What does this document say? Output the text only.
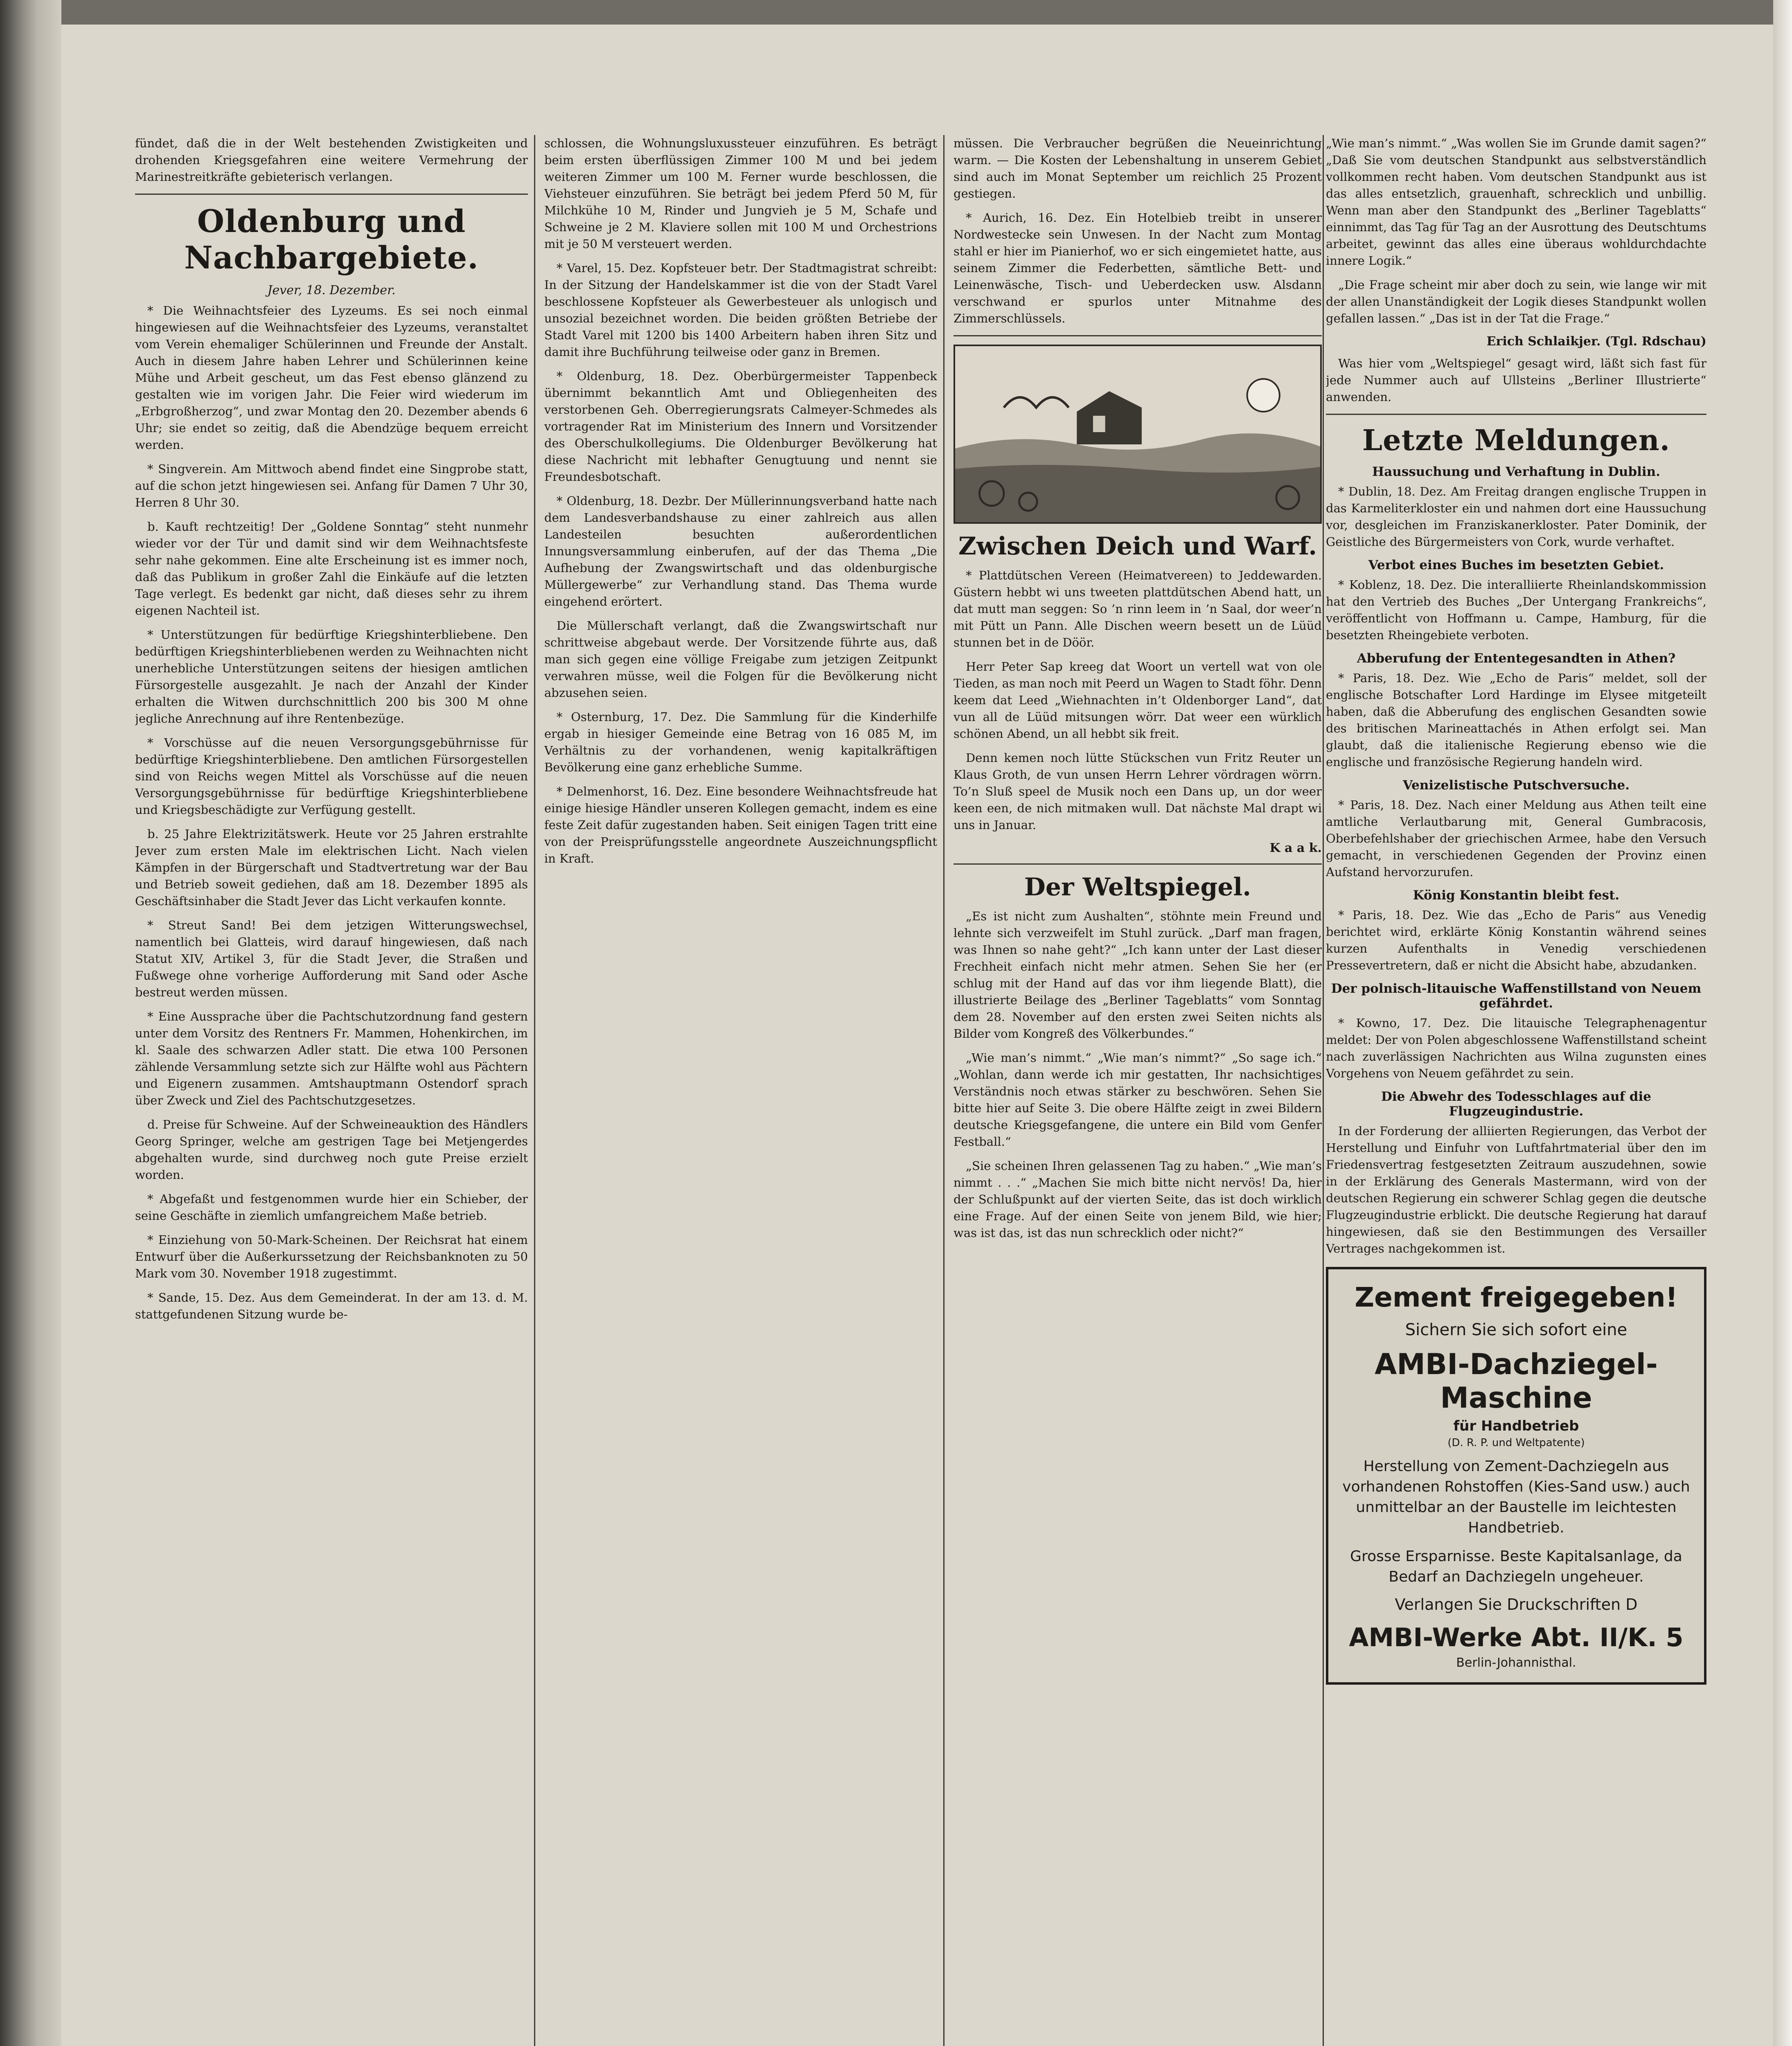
fündet, daß die in der Welt bestehenden Zwistigkeiten und drohenden Kriegsgefahren eine weitere Vermehrung der Marinestreitkräfte gebieterisch verlangen.

Oldenburg und Nachbargebiete.
Jever, 18. Dezember.

* Die Weihnachtsfeier des Lyzeums. Es sei noch einmal hingewiesen auf die Weihnachtsfeier des Lyzeums, veranstaltet vom Verein ehemaliger Schülerinnen und Freunde der Anstalt. Auch in diesem Jahre haben Lehrer und Schülerinnen keine Mühe und Arbeit gescheut, um das Fest ebenso glänzend zu gestalten wie im vorigen Jahr. Die Feier wird wiederum im „Erbgroßherzog“, und zwar Montag den 20. Dezember abends 6 Uhr; sie endet so zeitig, daß die Abendzüge bequem erreicht werden.

* Singverein. Am Mittwoch abend findet eine Singprobe statt, auf die schon jetzt hingewiesen sei. Anfang für Damen 7 Uhr 30, Herren 8 Uhr 30.

b. Kauft rechtzeitig! Der „Goldene Sonntag“ steht nunmehr wieder vor der Tür und damit sind wir dem Weihnachtsfeste sehr nahe gekommen. Eine alte Erscheinung ist es immer noch, daß das Publikum in großer Zahl die Einkäufe auf die letzten Tage verlegt. Es bedenkt gar nicht, daß dieses sehr zu ihrem eigenen Nachteil ist.

* Unterstützungen für bedürftige Kriegshinterbliebene. Den bedürftigen Kriegshinterbliebenen werden zu Weihnachten nicht unerhebliche Unterstützungen seitens der hiesigen amtlichen Fürsorgestelle ausgezahlt. Je nach der Anzahl der Kinder erhalten die Witwen durchschnittlich 200 bis 300 M ohne jegliche Anrechnung auf ihre Rentenbezüge.

* Vorschüsse auf die neuen Versorgungsgebührnisse für bedürftige Kriegshinterbliebene. Den amtlichen Fürsorgestellen sind von Reichs wegen Mittel als Vorschüsse auf die neuen Versorgungsgebührnisse für bedürftige Kriegshinterbliebene und Kriegsbeschädigte zur Verfügung gestellt.

b. 25 Jahre Elektrizitätswerk. Heute vor 25 Jahren erstrahlte Jever zum ersten Male im elektrischen Licht. Nach vielen Kämpfen in der Bürgerschaft und Stadtvertretung war der Bau und Betrieb soweit gediehen, daß am 18. Dezember 1895 als Geschäftsinhaber die Stadt Jever das Licht verkaufen konnte.

* Streut Sand! Bei dem jetzigen Witterungswechsel, namentlich bei Glatteis, wird darauf hingewiesen, daß nach Statut XIV, Artikel 3, für die Stadt Jever, die Straßen und Fußwege ohne vorherige Aufforderung mit Sand oder Asche bestreut werden müssen.

* Eine Aussprache über die Pachtschutzordnung fand gestern unter dem Vorsitz des Rentners Fr. Mammen, Hohenkirchen, im kl. Saale des schwarzen Adler statt. Die etwa 100 Personen zählende Versammlung setzte sich zur Hälfte wohl aus Pächtern und Eigenern zusammen. Amtshauptmann Ostendorf sprach über Zweck und Ziel des Pachtschutzgesetzes.

d. Preise für Schweine. Auf der Schweineauktion des Händlers Georg Springer, welche am gestrigen Tage bei Metjengerdes abgehalten wurde, sind durchweg noch gute Preise erzielt worden.

* Abgefaßt und festgenommen wurde hier ein Schieber, der seine Geschäfte in ziemlich umfangreichem Maße betrieb.

* Einziehung von 50-Mark-Scheinen. Der Reichsrat hat einem Entwurf über die Außerkurssetzung der Reichsbanknoten zu 50 Mark vom 30. November 1918 zugestimmt.

* Sande, 15. Dez. Aus dem Gemeinderat. In der am 13. d. M. stattgefundenen Sitzung wurde be-

schlossen, die Wohnungsluxussteuer einzuführen. Es beträgt beim ersten überflüssigen Zimmer 100 M und bei jedem weiteren Zimmer um 100 M. Ferner wurde beschlossen, die Viehsteuer einzuführen. Sie beträgt bei jedem Pferd 50 M, für Milchkühe 10 M, Rinder und Jungvieh je 5 M, Schafe und Schweine je 2 M. Klaviere sollen mit 100 M und Orchestrions mit je 50 M versteuert werden.

* Varel, 15. Dez. Kopfsteuer betr. Der Stadtmagistrat schreibt: In der Sitzung der Handelskammer ist die von der Stadt Varel beschlossene Kopfsteuer als Gewerbesteuer als unlogisch und unsozial bezeichnet worden. Die beiden größten Betriebe der Stadt Varel mit 1200 bis 1400 Arbeitern haben ihren Sitz und damit ihre Buchführung teilweise oder ganz in Bremen.

* Oldenburg, 18. Dez. Oberbürgermeister Tappenbeck übernimmt bekanntlich Amt und Obliegenheiten des verstorbenen Geh. Oberregierungsrats Calmeyer-Schmedes als vortragender Rat im Ministerium des Innern und Vorsitzender des Oberschulkollegiums. Die Oldenburger Bevölkerung hat diese Nachricht mit lebhafter Genugtuung und nennt sie Freundesbotschaft.

* Oldenburg, 18. Dezbr. Der Müllerinnungsverband hatte nach dem Landesverbandshause zu einer zahlreich aus allen Landesteilen besuchten außerordentlichen Innungsversammlung einberufen, auf der das Thema „Die Aufhebung der Zwangswirtschaft und das oldenburgische Müllergewerbe“ zur Verhandlung stand. Das Thema wurde eingehend erörtert.

Die Müllerschaft verlangt, daß die Zwangswirtschaft nur schrittweise abgebaut werde. Der Vorsitzende führte aus, daß man sich gegen eine völlige Freigabe zum jetzigen Zeitpunkt verwahren müsse, weil die Folgen für die Bevölkerung nicht abzusehen seien.

* Osternburg, 17. Dez. Die Sammlung für die Kinderhilfe ergab in hiesiger Gemeinde eine Betrag von 16 085 M, im Verhältnis zu der vorhandenen, wenig kapitalkräftigen Bevölkerung eine ganz erhebliche Summe.

* Delmenhorst, 16. Dez. Eine besondere Weihnachtsfreude hat einige hiesige Händler unseren Kollegen gemacht, indem es eine feste Zeit dafür zugestanden haben. Seit einigen Tagen tritt eine von der Preisprüfungsstelle angeordnete Auszeichnungspflicht in Kraft.

müssen. Die Verbraucher begrüßen die Neueinrichtung warm. — Die Kosten der Lebenshaltung in unserem Gebiet sind auch im Monat September um reichlich 25 Prozent gestiegen.

* Aurich, 16. Dez. Ein Hotelbieb treibt in unserer Nordwestecke sein Unwesen. In der Nacht zum Montag stahl er hier im Pianierhof, wo er sich eingemietet hatte, aus seinem Zimmer die Federbetten, sämtliche Bett- und Leinenwäsche, Tisch- und Ueberdecken usw. Alsdann verschwand er spurlos unter Mitnahme des Zimmerschlüssels.

Zwischen Deich und Warf.

* Plattdütschen Vereen (Heimatvereen) to Jeddewarden. Güstern hebbt wi uns tweeten plattdütschen Abend hatt, un dat mutt man seggen: So ’n rinn leem in ’n Saal, dor weer’n mit Pütt un Pann. Alle Dischen weern besett un de Lüüd stunnen bet in de Döör.

Herr Peter Sap kreeg dat Woort un vertell wat von ole Tieden, as man noch mit Peerd un Wagen to Stadt föhr. Denn keem dat Leed „Wiehnachten in’t Oldenborger Land“, dat vun all de Lüüd mitsungen wörr. Dat weer een würklich schönen Abend, un all hebbt sik freit.

Denn kemen noch lütte Stückschen vun Fritz Reuter un Klaus Groth, de vun unsen Herrn Lehrer vördragen wörrn. To’n Sluß speel de Musik noch een Dans up, un dor weer keen een, de nich mitmaken wull. Dat nächste Mal drapt wi uns in Januar.

K a a k.
Der Weltspiegel.

„Es ist nicht zum Aushalten“, stöhnte mein Freund und lehnte sich verzweifelt im Stuhl zurück. „Darf man fragen, was Ihnen so nahe geht?“ „Ich kann unter der Last dieser Frechheit einfach nicht mehr atmen. Sehen Sie her (er schlug mit der Hand auf das vor ihm liegende Blatt), die illustrierte Beilage des „Berliner Tageblatts“ vom Sonntag dem 28. November auf den ersten zwei Seiten nichts als Bilder vom Kongreß des Völkerbundes.“

„Wie man’s nimmt.“ „Wie man’s nimmt?“ „So sage ich.“ „Wohlan, dann werde ich mir gestatten, Ihr nachsichtiges Verständnis noch etwas stärker zu beschwören. Sehen Sie bitte hier auf Seite 3. Die obere Hälfte zeigt in zwei Bildern deutsche Kriegsgefangene, die untere ein Bild vom Genfer Festball.“

„Sie scheinen Ihren gelassenen Tag zu haben.“ „Wie man’s nimmt . . .“ „Machen Sie mich bitte nicht nervös! Da, hier der Schlußpunkt auf der vierten Seite, das ist doch wirklich eine Frage. Auf der einen Seite von jenem Bild, wie hier; was ist das, ist das nun schrecklich oder nicht?“

„Wie man’s nimmt.“ „Was wollen Sie im Grunde damit sagen?“ „Daß Sie vom deutschen Standpunkt aus selbstverständlich vollkommen recht haben. Vom deutschen Standpunkt aus ist das alles entsetzlich, grauenhaft, schrecklich und unbillig. Wenn man aber den Standpunkt des „Berliner Tageblatts“ einnimmt, das Tag für Tag an der Ausrottung des Deutschtums arbeitet, gewinnt das alles eine überaus wohldurchdachte innere Logik.“

„Die Frage scheint mir aber doch zu sein, wie lange wir mit der allen Unanständigkeit der Logik dieses Standpunkt wollen gefallen lassen.“ „Das ist in der Tat die Frage.“

Erich Schlaikjer. (Tgl. Rdschau)

Was hier vom „Weltspiegel“ gesagt wird, läßt sich fast für jede Nummer auch auf Ullsteins „Berliner Illustrierte“ anwenden.

Letzte Meldungen.
Haussuchung und Verhaftung in Dublin.

* Dublin, 18. Dez. Am Freitag drangen englische Truppen in das Karmeliterkloster ein und nahmen dort eine Haussuchung vor, desgleichen im Franziskanerkloster. Pater Dominik, der Geistliche des Bürgermeisters von Cork, wurde verhaftet.

Verbot eines Buches im besetzten Gebiet.

* Koblenz, 18. Dez. Die interalliierte Rheinlandskommission hat den Vertrieb des Buches „Der Untergang Frankreichs“, veröffentlicht von Hoffmann u. Campe, Hamburg, für die besetzten Rheingebiete verboten.

Abberufung der Ententegesandten in Athen?

* Paris, 18. Dez. Wie „Echo de Paris“ meldet, soll der englische Botschafter Lord Hardinge im Elysee mitgeteilt haben, daß die Abberufung des englischen Gesandten sowie des britischen Marineattachés in Athen erfolgt sei. Man glaubt, daß die italienische Regierung ebenso wie die englische und französische Regierung handeln wird.

Venizelistische Putschversuche.

* Paris, 18. Dez. Nach einer Meldung aus Athen teilt eine amtliche Verlautbarung mit, General Gumbracosis, Oberbefehlshaber der griechischen Armee, habe den Versuch gemacht, in verschiedenen Gegenden der Provinz einen Aufstand hervorzurufen.

König Konstantin bleibt fest.

* Paris, 18. Dez. Wie das „Echo de Paris“ aus Venedig berichtet wird, erklärte König Konstantin während seines kurzen Aufenthalts in Venedig verschiedenen Pressevertretern, daß er nicht die Absicht habe, abzudanken.

Der polnisch-litauische Waffenstillstand von Neuem gefährdet.

* Kowno, 17. Dez. Die litauische Telegraphenagentur meldet: Der von Polen abgeschlossene Waffenstillstand scheint nach zuverlässigen Nachrichten aus Wilna zugunsten eines Vorgehens von Neuem gefährdet zu sein.

Die Abwehr des Todesschlages auf die Flugzeugindustrie.

In der Forderung der alliierten Regierungen, das Verbot der Herstellung und Einfuhr von Luftfahrtmaterial über den im Friedensvertrag festgesetzten Zeitraum auszudehnen, sowie in der Erklärung des Generals Mastermann, wird von der deutschen Regierung ein schwerer Schlag gegen die deutsche Flugzeugindustrie erblickt. Die deutsche Regierung hat darauf hingewiesen, daß sie den Bestimmungen des Versailler Vertrages nachgekommen ist.

Zement freigegeben!
Sichern Sie sich sofort eine
AMBI-Dachziegel-Maschine
für Handbetrieb
(D. R. P. und Weltpatente)
Herstellung von Zement-Dachziegeln aus vorhandenen Rohstoffen (Kies-Sand usw.) auch unmittelbar an der Baustelle im leichtesten Handbetrieb.
Grosse Ersparnisse. Beste Kapitalsanlage, da Bedarf an Dachziegeln ungeheuer.
Verlangen Sie Druckschriften D
AMBI-Werke Abt. II/K. 5
Berlin-Johannisthal.
